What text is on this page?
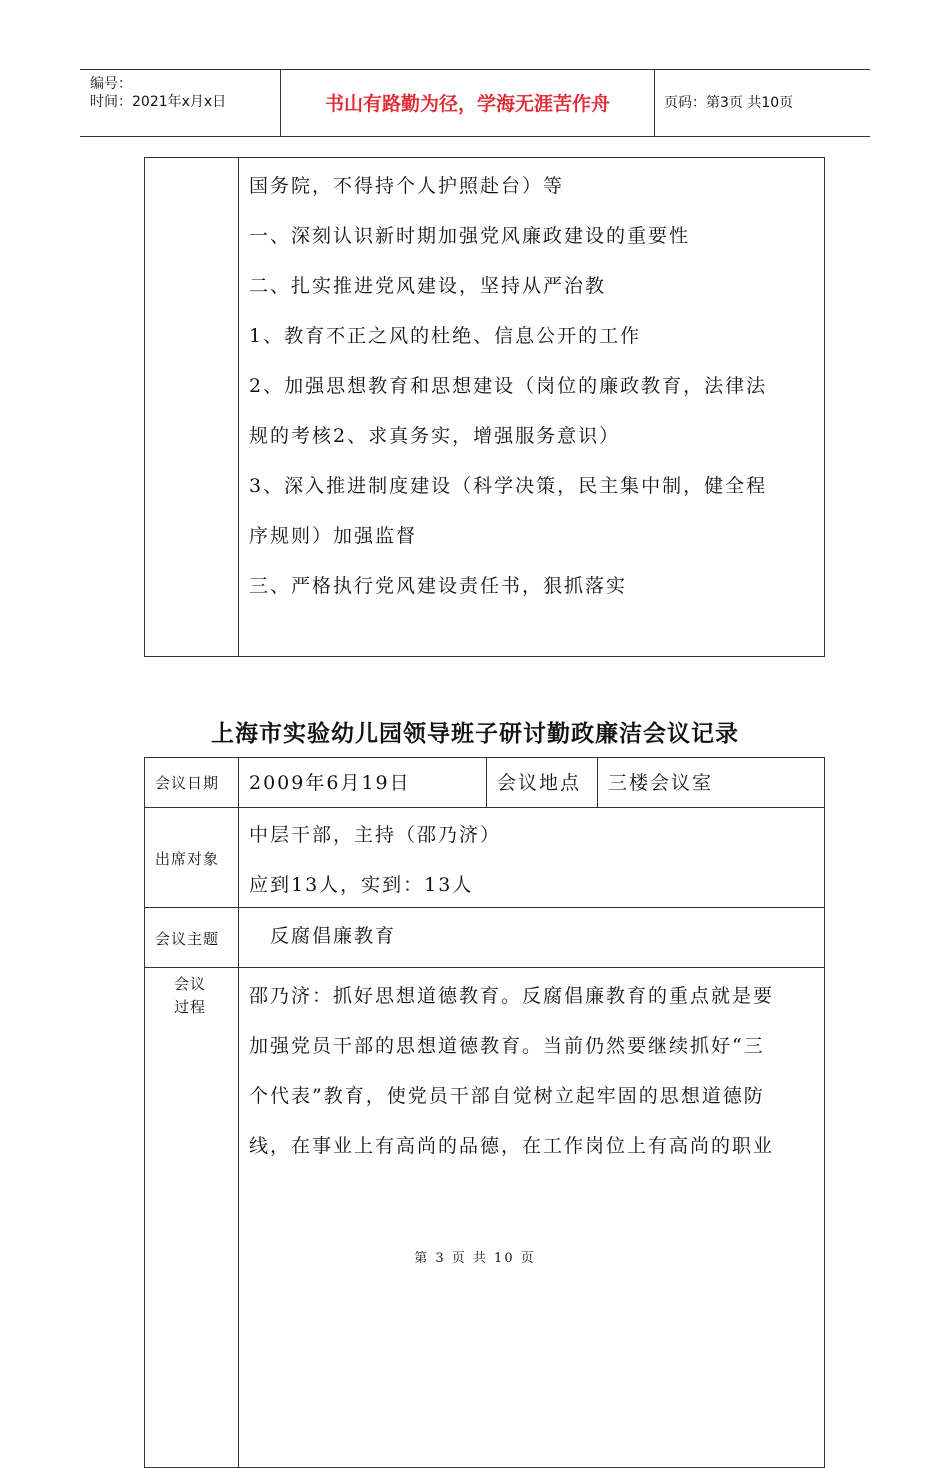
编号：
时间：2021年x月x日	书山有路勤为径，学海无涯苦作舟	页码：第3页 共10页
国务院，不得持个人护照赴台）等
一、深刻认识新时期加强党风廉政建设的重要性
二、扎实推进党风建设，坚持从严治教
1、教育不正之风的杜绝、信息公开的工作
2、加强思想教育和思想建设（岗位的廉政教育，法律法
规的考核2、求真务实，增强服务意识）
3、深入推进制度建设（科学决策，民主集中制，健全程
序规则）加强监督
三、严格执行党风建设责任书，狠抓落实
上海市实验幼儿园领导班子研讨勤政廉洁会议记录
会议日期 2009年6月19日	会议地点 三楼会议室
出席对象
中层干部，主持（邵乃济）
应到13人，实到：13人
会议主题	反腐倡廉教育
会议
过程 邵乃济：抓好思想道德教育。反腐倡廉教育的重点就是要
加强党员干部的思想道德教育。当前仍然要继续抓好“三
个代表”教育，使党员干部自觉树立起牢固的思想道德防
线，在事业上有高尚的品德，在工作岗位上有高尚的职业
第 3 页 共 10 页
